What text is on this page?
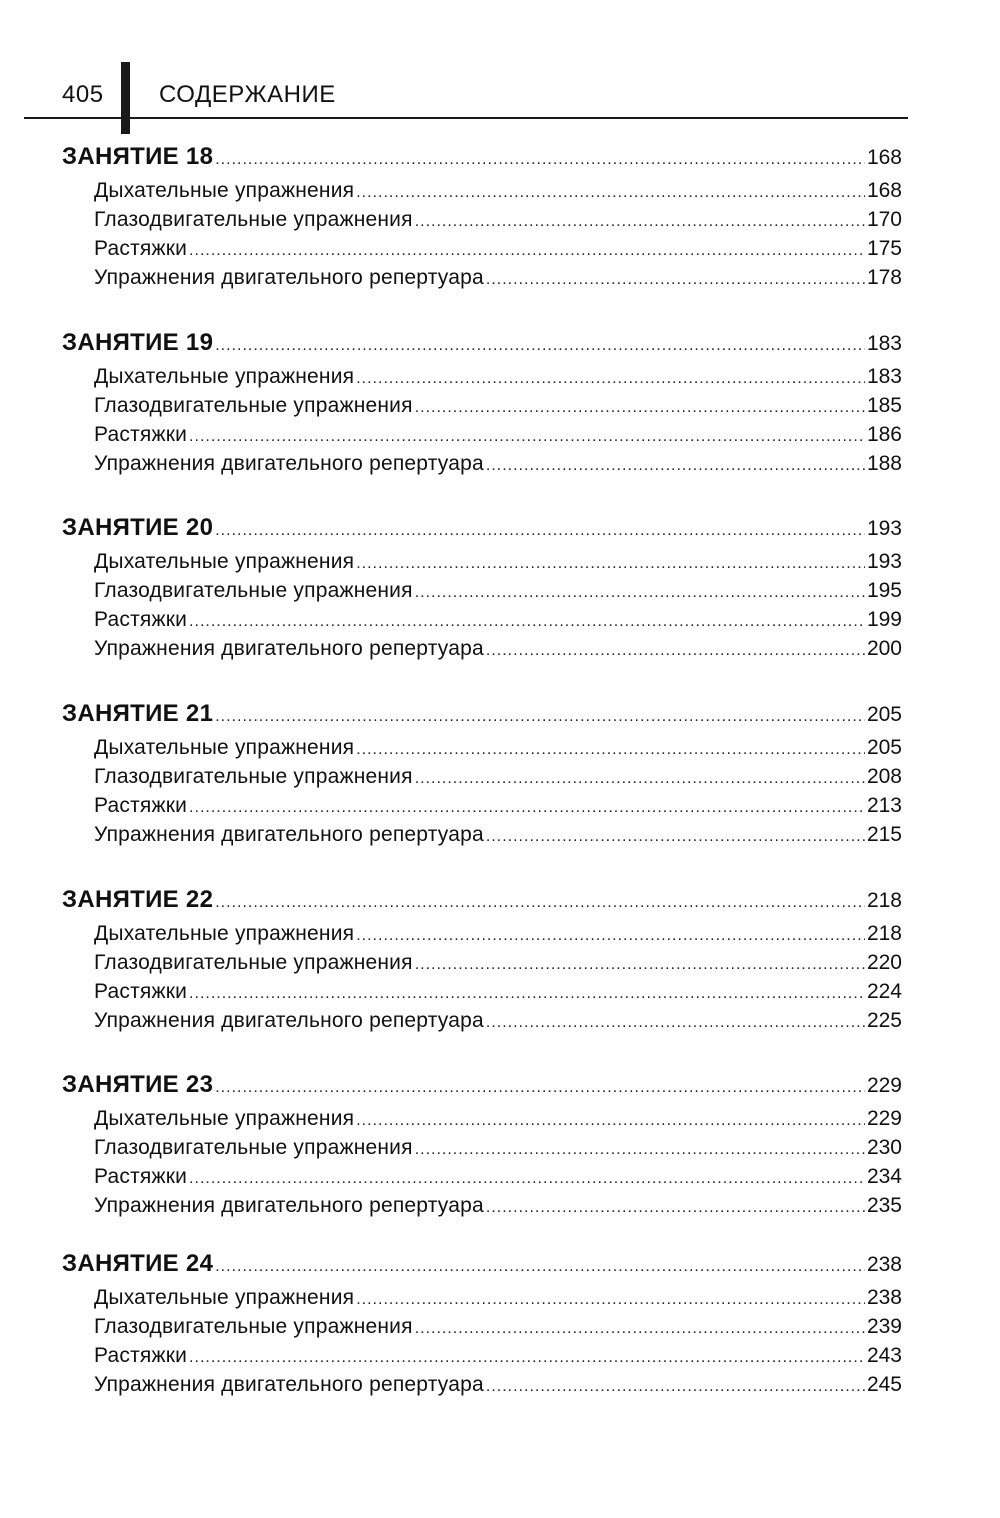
405 СОДЕРЖАНИЕ
ЗАНЯТИЕ 18 .....	168
Дыхательные упражнения .....	168
Глазодвигательные упражнения .....	170
Растяжки .....	175
Упражнения двигательного репертуара .....	178
ЗАНЯТИЕ 19 .....	183
Дыхательные упражнения .....	183
Глазодвигательные упражнения .....	185
Растяжки .....	186
Упражнения двигательного репертуара .....	188
ЗАНЯТИЕ 20 .....	193
Дыхательные упражнения .....	193
Глазодвигательные упражнения .....	195
Растяжки .....	199
Упражнения двигательного репертуара .....	200
ЗАНЯТИЕ 21 .....	205
Дыхательные упражнения .....	205
Глазодвигательные упражнения .....	208
Растяжки .....	213
Упражнения двигательного репертуара .....	215
ЗАНЯТИЕ 22 .....	218
Дыхательные упражнения .....	218
Глазодвигательные упражнения .....	220
Растяжки .....	224
Упражнения двигательного репертуара .....	225
ЗАНЯТИЕ 23 .....	229
Дыхательные упражнения .....	229
Глазодвигательные упражнения .....	230
Растяжки .....	234
Упражнения двигательного репертуара .....	235
ЗАНЯТИЕ 24 .....	238
Дыхательные упражнения .....	238
Глазодвигательные упражнения .....	239
Растяжки .....	243
Упражнения двигательного репертуара .....	245
